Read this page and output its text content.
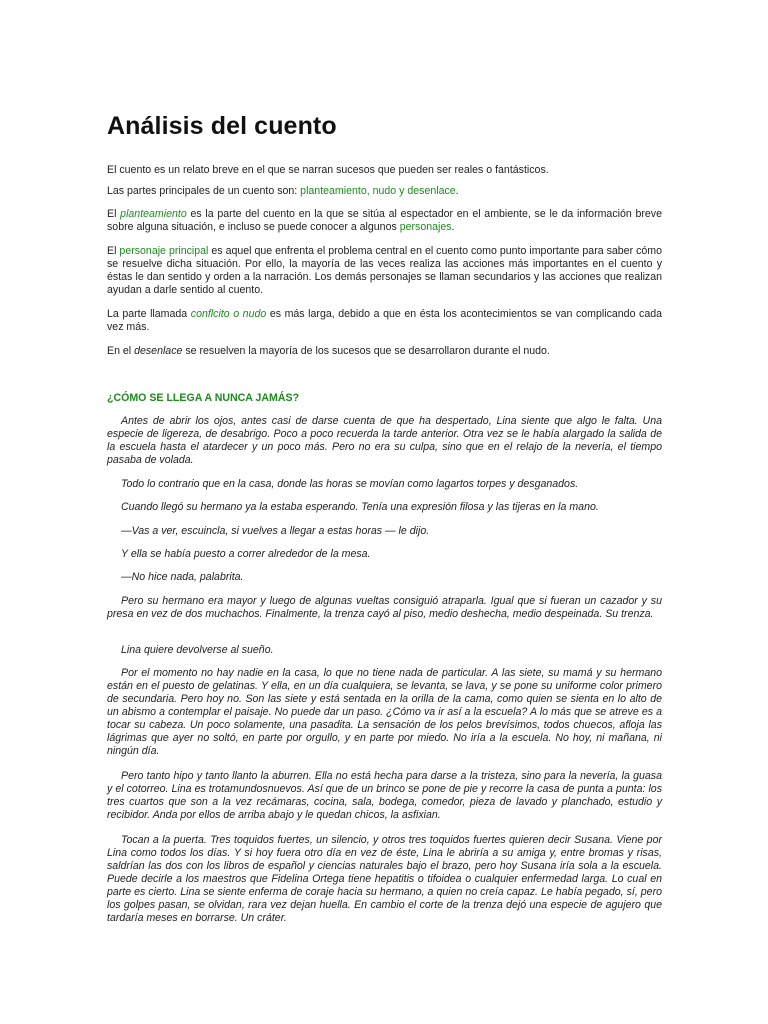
Análisis del cuento

El cuento es un relato breve en el que se narran sucesos que pueden ser reales o fantásticos.

Las partes principales de un cuento son: planteamiento, nudo y desenlace.

El planteamiento es la parte del cuento en la que se sitúa al espectador en el ambiente, se le da información breve sobre alguna situación, e incluso se puede conocer a algunos personajes.

El personaje principal es aquel que enfrenta el problema central en el cuento como punto importante para saber cómo se resuelve dicha situación. Por ello, la mayoría de las veces realiza las acciones más importantes en el cuento y éstas le dan sentido y orden a la narración. Los demás personajes se llaman secundarios y las acciones que realizan ayudan a darle sentido al cuento.

La parte llamada conflcito o nudo es más larga, debido a que en ésta los acontecimientos se van complicando cada vez más.

En el desenlace se resuelven la mayoría de los sucesos que se desarrollaron durante el nudo.

¿CÓMO SE LLEGA A NUNCA JAMÁS?

Antes de abrir los ojos, antes casi de darse cuenta de que ha despertado, Lina siente que algo le falta. Una especie de ligereza, de desabrigo. Poco a poco recuerda la tarde anterior. Otra vez se le había alargado la salida de la escuela hasta el atardecer y un poco más. Pero no era su culpa, sino que en el relajo de la nevería, el tiempo pasaba de volada.

Todo lo contrario que en la casa, donde las horas se movían como lagartos torpes y desganados.

Cuando llegó su hermano ya la estaba esperando. Tenía una expresión filosa y las tijeras en la mano.

—Vas a ver, escuincla, si vuelves a llegar a estas horas — le dijo.

Y ella se había puesto a correr alrededor de la mesa.

—No hice nada, palabrita.

Pero su hermano era mayor y luego de algunas vueltas consiguió atraparla. Igual que si fueran un cazador y su presa en vez de dos muchachos. Finalmente, la trenza cayó al piso, medio deshecha, medio despeinada. Su trenza.

Lina quiere devolverse al sueño.

Por el momento no hay nadie en la casa, lo que no tiene nada de particular. A las siete, su mamá y su hermano están en el puesto de gelatinas. Y ella, en un día cualquiera, se levanta, se lava, y se pone su uniforme color primero de secundaria. Pero hoy no. Son las siete y está sentada en la orilla de la cama, como quien se sienta en lo alto de un abismo a contemplar el paisaje. No puede dar un paso. ¿Cómo va ir así a la escuela? A lo más que se atreve es a tocar su cabeza. Un poco solamente, una pasadita. La sensación de los pelos brevísimos, todos chuecos, afloja las lágrimas que ayer no soltó, en parte por orgullo, y en parte por miedo. No iría a la escuela. No hoy, ni mañana, ni ningún día.

Pero tanto hipo y tanto llanto la aburren. Ella no está hecha para darse a la tristeza, sino para la nevería, la guasa y el cotorreo. Lina es trotamundosnuevos. Así que de un brinco se pone de pie y recorre la casa de punta a punta: los tres cuartos que son a la vez recámaras, cocina, sala, bodega, comedor, pieza de lavado y planchado, estudio y recibidor. Anda por ellos de arriba abajo y le quedan chicos, la asfixian.

Tocan a la puerta. Tres toquidos fuertes, un silencio, y otros tres toquidos fuertes quieren decir Susana. Viene por Lina como todos los días. Y si hoy fuera otro día en vez de éste, Lina le abriría a su amiga y, entre bromas y risas, saldrían las dos con los libros de español y ciencias naturales bajo el brazo, pero hoy Susana iría sola a la escuela. Puede decirle a los maestros que Fidelina Ortega tiene hepatitis o tifoidea o cualquier enfermedad larga. Lo cual en parte es cierto. Lina se siente enferma de coraje hacia su hermano, a quien no creía capaz. Le había pegado, sí, pero los golpes pasan, se olvidan, rara vez dejan huella. En cambio el corte de la trenza dejó una especie de agujero que tardaría meses en borrarse. Un cráter.
